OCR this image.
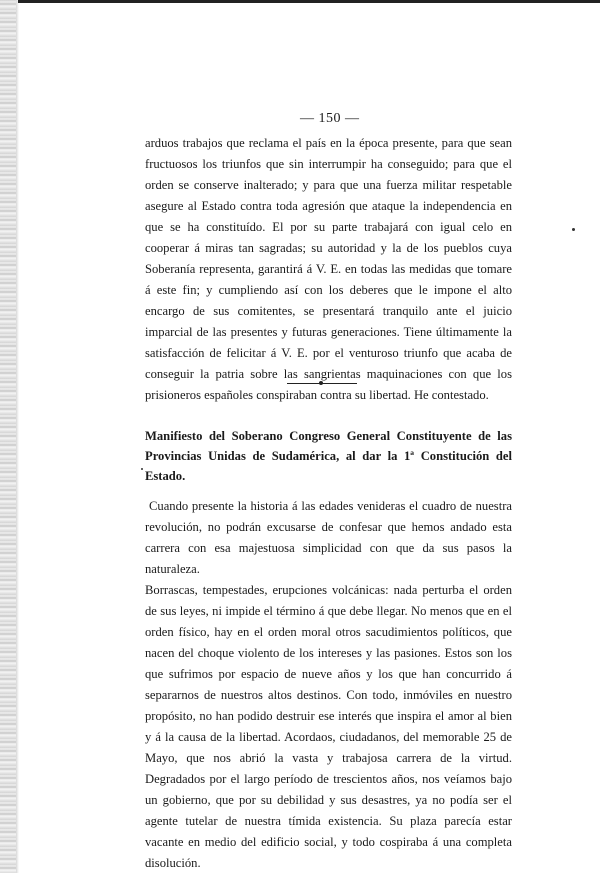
— 150 —

arduos trabajos que reclama el país en la época presente, para que sean fructuosos los triunfos que sin interrumpir ha conseguido; para que el orden se conserve inalterado; y para que una fuerza militar respetable asegure al Estado contra toda agresión que ataque la independencia en que se ha constituído. El por su parte trabajará con igual celo en cooperar á miras tan sagradas; su autoridad y la de los pueblos cuya Soberanía representa, garantirá á V. E. en todas las medidas que tomare á este fin; y cumpliendo así con los deberes que le impone el alto encargo de sus comitentes, se presentará tranquilo ante el juicio imparcial de las presentes y futuras generaciones. Tiene últimamente la satisfacción de felicitar á V. E. por el venturoso triunfo que acaba de conseguir la patria sobre las sangrientas maquinaciones con que los prisioneros españoles conspiraban contra su libertad. He contestado.

Manifiesto del Soberano Congreso General Constituyente de las Provincias Unidas de Sudamérica, al dar la 1ª Constitución del Estado.

Cuando presente la historia á las edades venideras el cuadro de nuestra revolución, no podrán excusarse de confesar que hemos andado esta carrera con esa majestuosa simplicidad con que da sus pasos la naturaleza.

Borrascas, tempestades, erupciones volcánicas: nada perturba el orden de sus leyes, ni impide el término á que debe llegar. No menos que en el orden físico, hay en el orden moral otros sacudimientos políticos, que nacen del choque violento de los intereses y las pasiones. Estos son los que sufrimos por espacio de nueve años y los que han concurrido á separarnos de nuestros altos destinos. Con todo, inmóviles en nuestro propósito, no han podido destruir ese interés que inspira el amor al bien y á la causa de la libertad. Acordaos, ciudadanos, del memorable 25 de Mayo, que nos abrió la vasta y trabajosa carrera de la virtud. Degradados por el largo período de trescientos años, nos veíamos bajo un gobierno, que por su debilidad y sus desastres, ya no podía ser el agente tutelar de nuestra tímida existencia. Su plaza parecía estar vacante en medio del edificio social, y todo cospiraba á una completa disolución.
